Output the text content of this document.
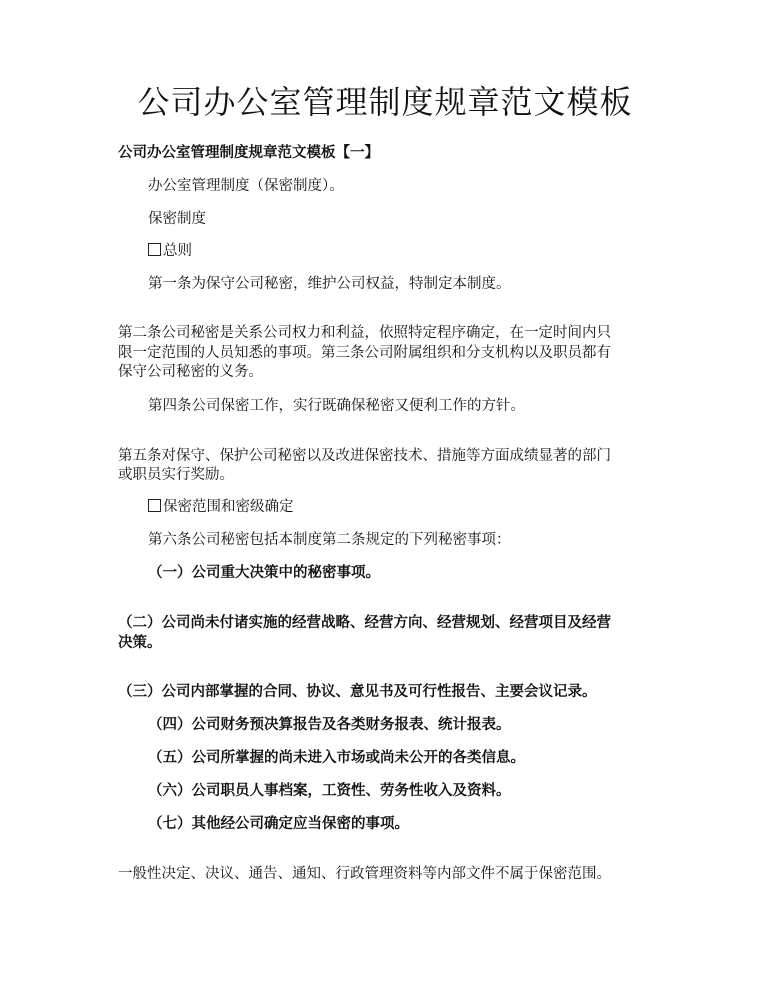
公司办公室管理制度规章范文模板
公司办公室管理制度规章范文模板【一】
办公室管理制度（保密制度）。
保密制度
总则
第一条为保守公司秘密，维护公司权益，特制定本制度。
第二条公司秘密是关系公司权力和利益，依照特定程序确定，在一定时间内只
限一定范围的人员知悉的事项。第三条公司附属组织和分支机构以及职员都有
保守公司秘密的义务。
第四条公司保密工作，实行既确保秘密又便利工作的方针。
第五条对保守、保护公司秘密以及改进保密技术、措施等方面成绩显著的部门
或职员实行奖励。
保密范围和密级确定
第六条公司秘密包括本制度第二条规定的下列秘密事项：
（一）公司重大决策中的秘密事项。
（二）公司尚未付诸实施的经营战略、经营方向、经营规划、经营项目及经营
决策。
（三）公司内部掌握的合同、协议、意见书及可行性报告、主要会议记录。
（四）公司财务预决算报告及各类财务报表、统计报表。
（五）公司所掌握的尚未进入市场或尚未公开的各类信息。
（六）公司职员人事档案，工资性、劳务性收入及资料。
（七）其他经公司确定应当保密的事项。
一般性决定、决议、通告、通知、行政管理资料等内部文件不属于保密范围。
